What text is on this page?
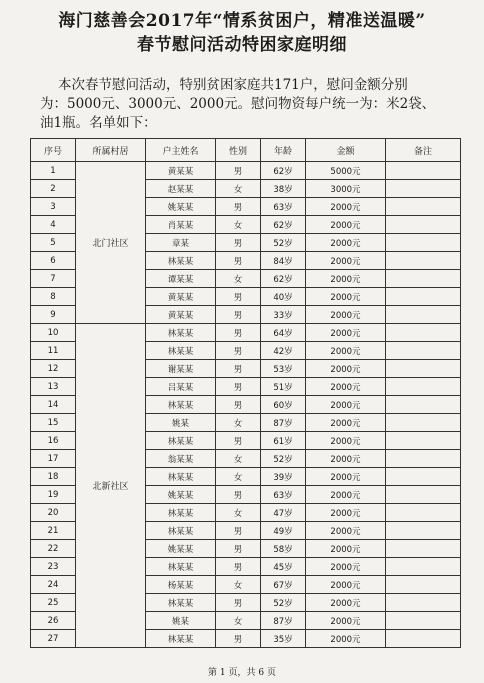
海门慈善会2017年“情系贫困户，精准送温暖”
春节慰问活动特困家庭明细

本次春节慰问活动，特别贫困家庭共171户，慰问金额分别

为：5000元、3000元、2000元。慰问物资每户统一为：米2袋、

油1瓶。名单如下：

序号	所属村居	户主姓名	性别	年龄	金额	备注
1	北门社区	黄某某	男	62岁	5000元	
2		赵某某	女	38岁	3000元	
3		姚某某	男	63岁	2000元	
4		肖某某	女	62岁	2000元	
5		章某	男	52岁	2000元	
6		林某某	男	84岁	2000元	
7		谭某某	女	62岁	2000元	
8		黄某某	男	40岁	2000元	
9		黄某某	男	33岁	2000元	
10	北新社区	林某某	男	64岁	2000元	
11		林某某	男	42岁	2000元	
12		谢某某	男	53岁	2000元	
13		吕某某	男	51岁	2000元	
14		林某某	男	60岁	2000元	
15		姚某	女	87岁	2000元	
16		林某某	男	61岁	2000元	
17		翁某某	女	52岁	2000元	
18		林某某	女	39岁	2000元	
19		姚某某	男	63岁	2000元	
20		林某某	女	47岁	2000元	
21		林某某	男	49岁	2000元	
22		姚某某	男	58岁	2000元	
23		林某某	男	45岁	2000元	
24		杨某某	女	67岁	2000元	
25		林某某	男	52岁	2000元	
26		姚某	女	87岁	2000元	
27		林某某	男	35岁	2000元	
第 1 页，共 6 页
